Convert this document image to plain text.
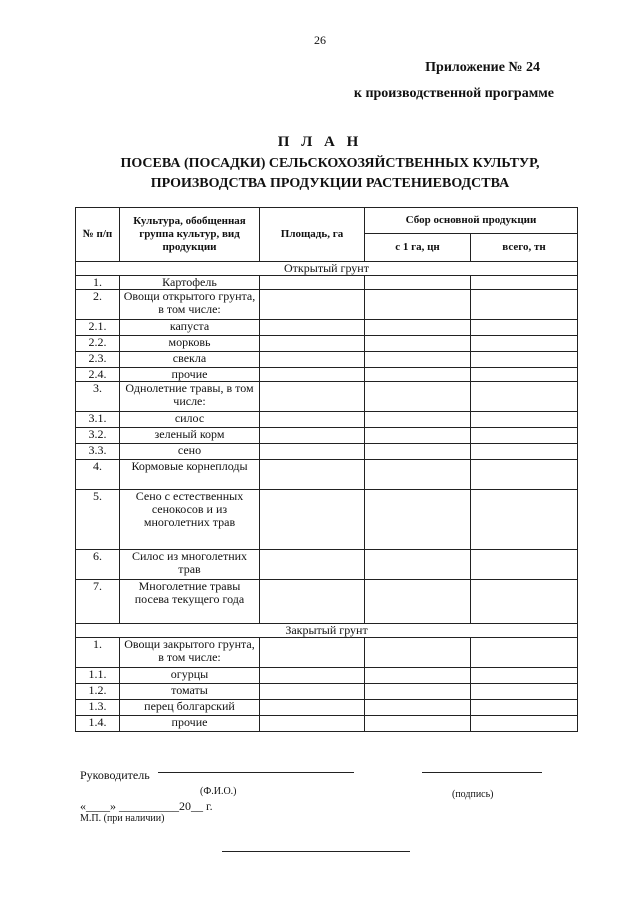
26
Приложение № 24
к производственной программе
П Л А Н
ПОСЕВА (ПОСАДКИ) СЕЛЬСКОХОЗЯЙСТВЕННЫХ КУЛЬТУР,
ПРОИЗВОДСТВА ПРОДУКЦИИ РАСТЕНИЕВОДСТВА
№ п/п	Культура, обобщенная группа культур, вид продукции	Площадь, га	Сбор основной продукции	
			с 1 га, цн	всего, тн
Открытый грунт				
1.	Картофель			
2.	Овощи открытого грунта, в том числе:			
2.1.	капуста			
2.2.	морковь			
2.3.	свекла			
2.4.	прочие			
3.	Однолетние травы, в том числе:			
3.1.	силос			
3.2.	зеленый корм			
3.3.	сено			
4.	Кормовые корнеплоды			
5.	Сено с естественных сенокосов и из многолетних трав			
6.	Силос из многолетних трав			
7.	Многолетние травы посева текущего года			
Закрытый грунт				
1.	Овощи закрытого грунта, в том числе:			
1.1.	огурцы			
1.2.	томаты			
1.3.	перец болгарский			
1.4.	прочие			
Руководитель
(Ф.И.О.)	(подпись)
«____» __________20__ г.
М.П. (при наличии)
